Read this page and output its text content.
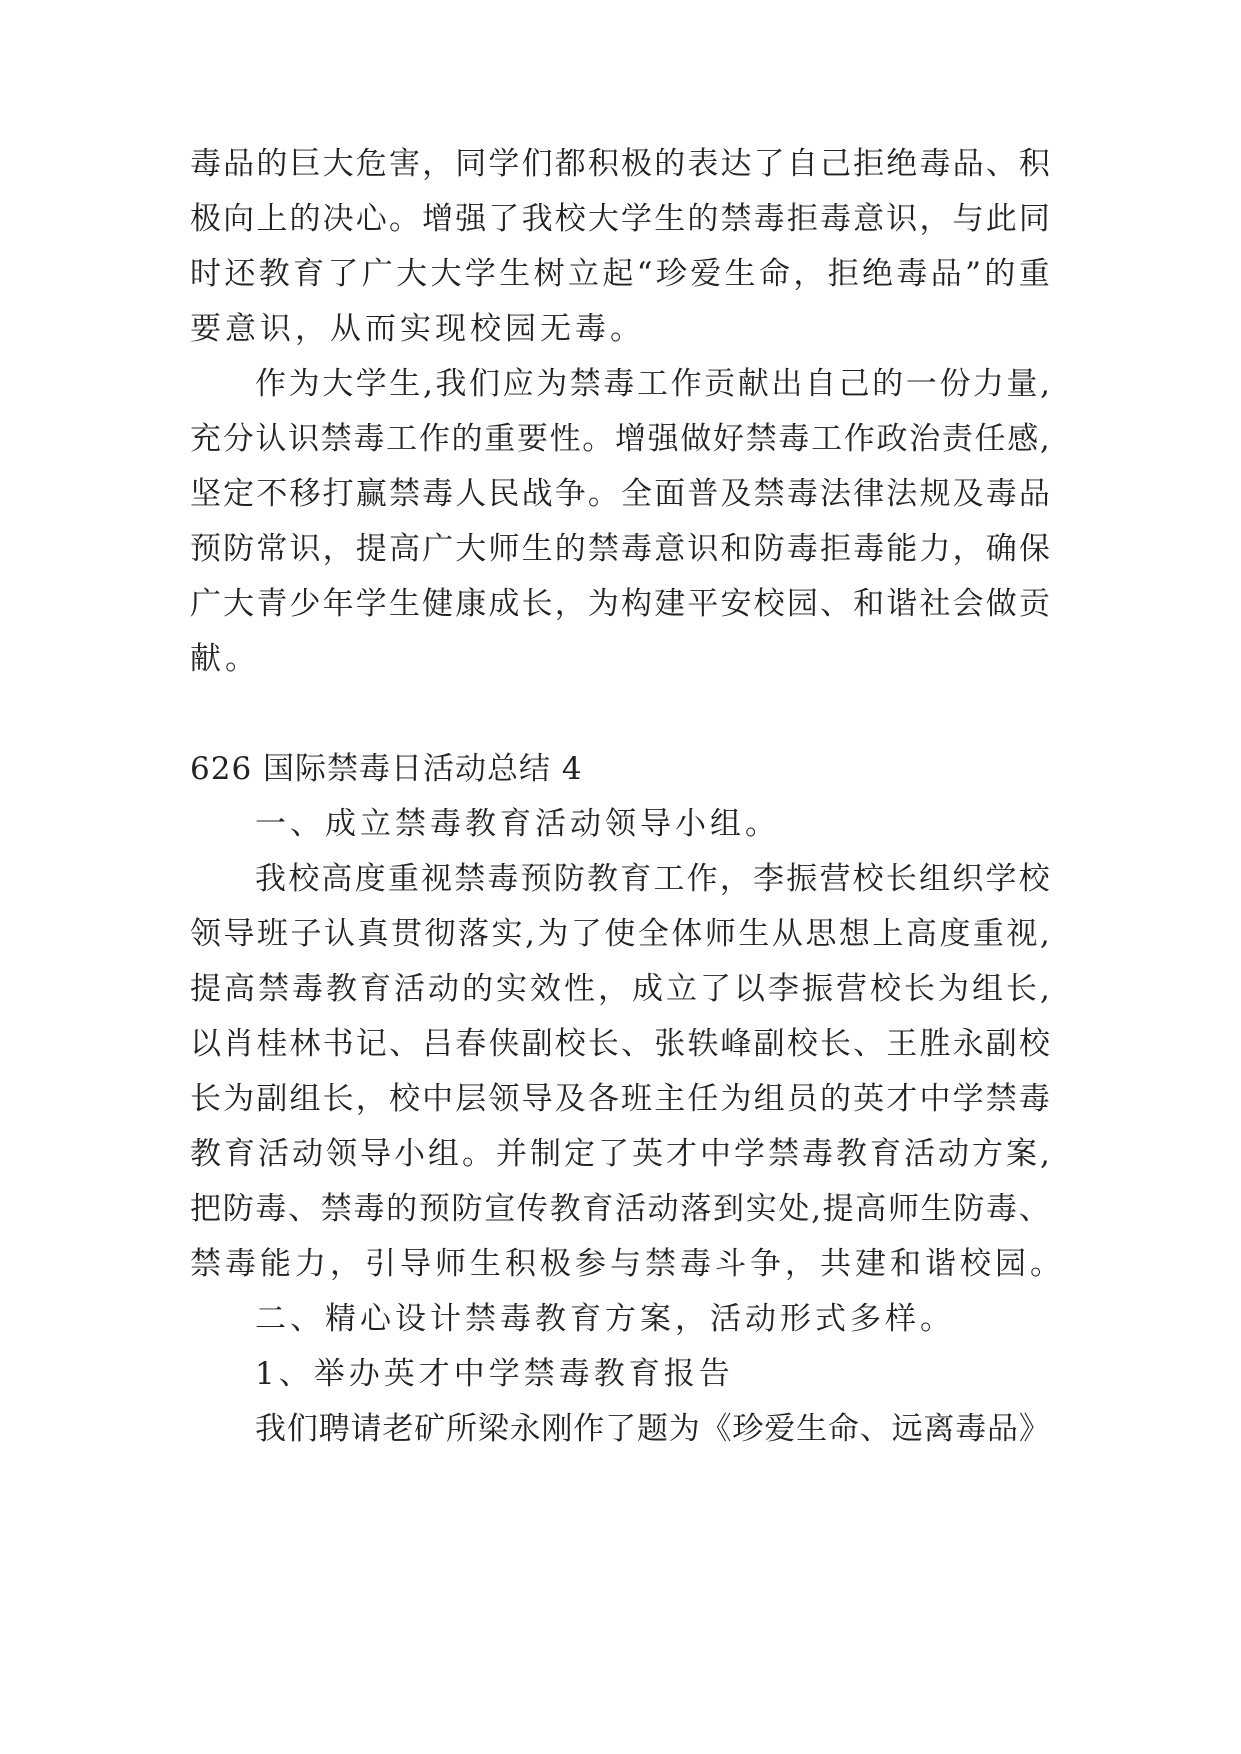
毒 品 的 巨 大 危 害 ， 同 学 们 都 积 极 的 表 达 了 自 己 拒 绝 毒 品 、 积
极 向 上 的 决 心 。 增 强 了 我 校 大 学 生 的 禁 毒 拒 毒 意 识 ， 与 此 同
时 还 教 育 了 广 大 大 学 生 树 立 起 “ 珍 爱 生 命 ， 拒 绝 毒 品 ” 的 重
要意识，从而实现校园无毒。
作 为 大 学 生 , 我 们 应 为 禁 毒 工 作 贡 献 出 自 己 的 一 份 力 量 ,
充 分 认 识 禁 毒 工 作 的 重 要 性 。 增 强 做 好 禁 毒 工 作 政 治 责 任 感 ,
坚 定 不 移 打 赢 禁 毒 人 民 战 争 。 全 面 普 及 禁 毒 法 律 法 规 及 毒 品
预 防 常 识 ， 提 高 广 大 师 生 的 禁 毒 意 识 和 防 毒 拒 毒 能 力 ， 确 保
广 大 青 少 年 学 生 健 康 成 长 ， 为 构 建 平 安 校 园 、 和 谐 社 会 做 贡
献。
626 国际禁毒日活动总结 4
一、成立禁毒教育活动领导小组。
我 校 高 度 重 视 禁 毒 预 防 教 育 工 作 ， 李 振 营 校 长 组 织 学 校
领 导 班 子 认 真 贯 彻 落 实 , 为 了 使 全 体 师 生 从 思 想 上 高 度 重 视 ,
提 高 禁 毒 教 育 活 动 的 实 效 性 ， 成 立 了 以 李 振 营 校 长 为 组 长 ,
以 肖 桂 林 书 记 、 吕 春 侠 副 校 长 、 张 轶 峰 副 校 长 、 王 胜 永 副 校
长 为 副 组 长 ， 校 中 层 领 导 及 各 班 主 任 为 组 员 的 英 才 中 学 禁 毒
教 育 活 动 领 导 小 组 。 并 制 定 了 英 才 中 学 禁 毒 教 育 活 动 方 案 ,
把 防 毒 、 禁 毒 的 预 防 宣 传 教 育 活 动 落 到 实 处 , 提 高 师 生 防 毒 、
禁毒能力，引导师生积极参与禁毒斗争，共建和谐校园。
二、精心设计禁毒教育方案，活动形式多样。
1、举办英才中学禁毒教育报告
我 们 聘 请 老 矿 所 梁 永 刚 作 了 题 为 《 珍 爱 生 命 、 远 离 毒 品 》
